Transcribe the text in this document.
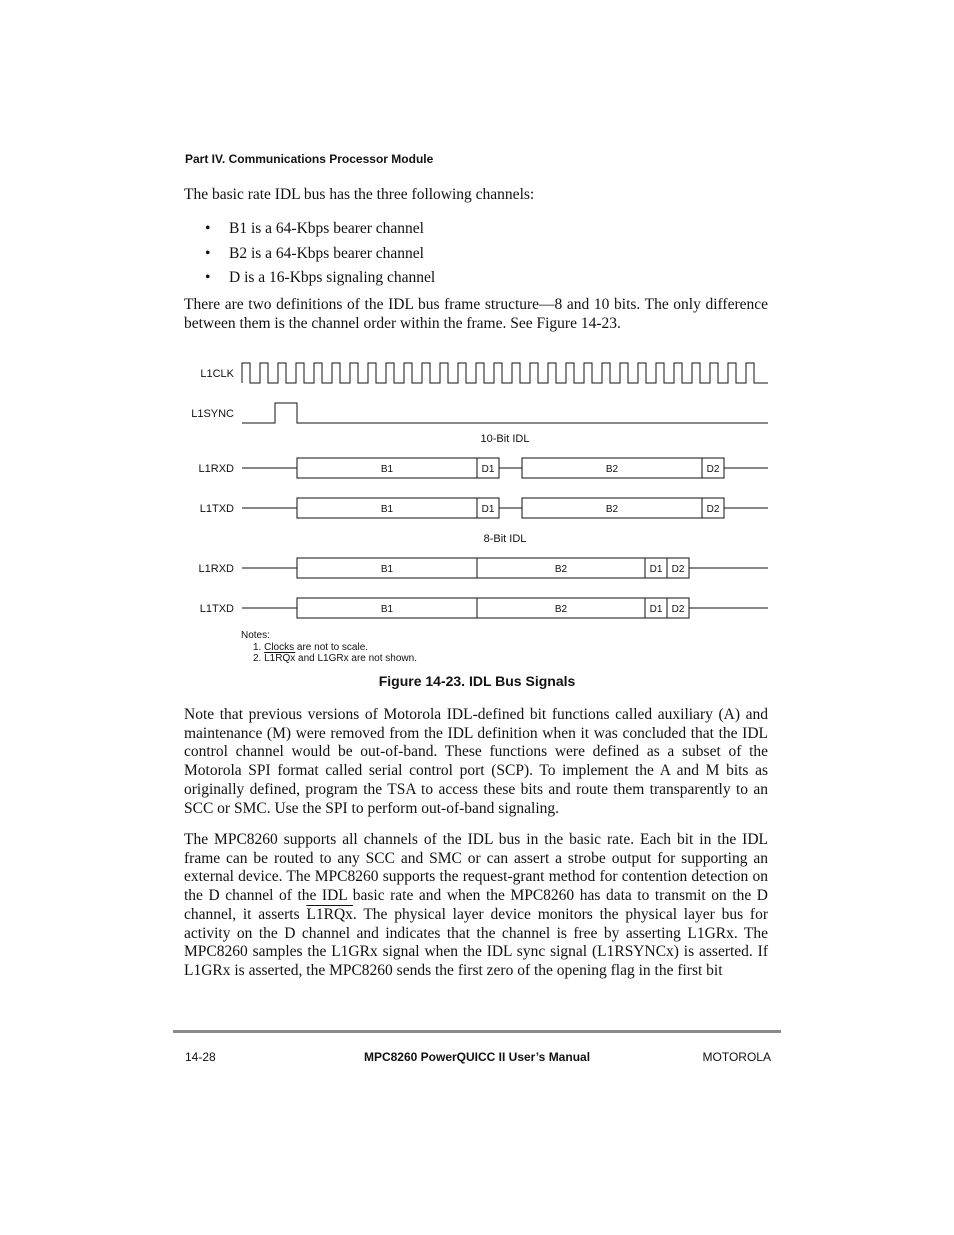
Part IV. Communications Processor Module
The basic rate IDL bus has the three following channels:
• B1 is a 64-Kbps bearer channel
• B2 is a 64-Kbps bearer channel
• D is a 16-Kbps signaling channel
There are two definitions of the IDL bus frame structure—8 and 10 bits. The only difference between them is the channel order within the frame. See Figure 14-23.
L1CLK
L1SYNC
L1RXD
L1TXD
L1RXD
L1TXD
10-Bit IDL
8-Bit IDL
B1	D1	B2	D2
B1	D1	B2	D2
B1	B2	D1 D2
B1	B2	D1 D2
Notes:
1. Clocks are not to scale.
2. L1RQx and L1GRx are not shown.
Figure 14-23. IDL Bus Signals
Note that previous versions of Motorola IDL-defined bit functions called auxiliary (A) and maintenance (M) were removed from the IDL definition when it was concluded that the IDL control channel would be out-of-band. These functions were defined as a subset of the Motorola SPI format called serial control port (SCP). To implement the A and M bits as originally defined, program the TSA to access these bits and route them transparently to an SCC or SMC. Use the SPI to perform out-of-band signaling.
The MPC8260 supports all channels of the IDL bus in the basic rate. Each bit in the IDL frame can be routed to any SCC and SMC or can assert a strobe output for supporting an external device. The MPC8260 supports the request-grant method for contention detection on the D channel of the IDL basic rate and when the MPC8260 has data to transmit on the D channel, it asserts L1RQx. The physical layer device monitors the physical layer bus for activity on the D channel and indicates that the channel is free by asserting L1GRx. The MPC8260 samples the L1GRx signal when the IDL sync signal (L1RSYNCx) is asserted. If L1GRx is asserted, the MPC8260 sends the first zero of the opening flag in the first bit
14-28	MPC8260 PowerQUICC II User’s Manual	MOTOROLA
